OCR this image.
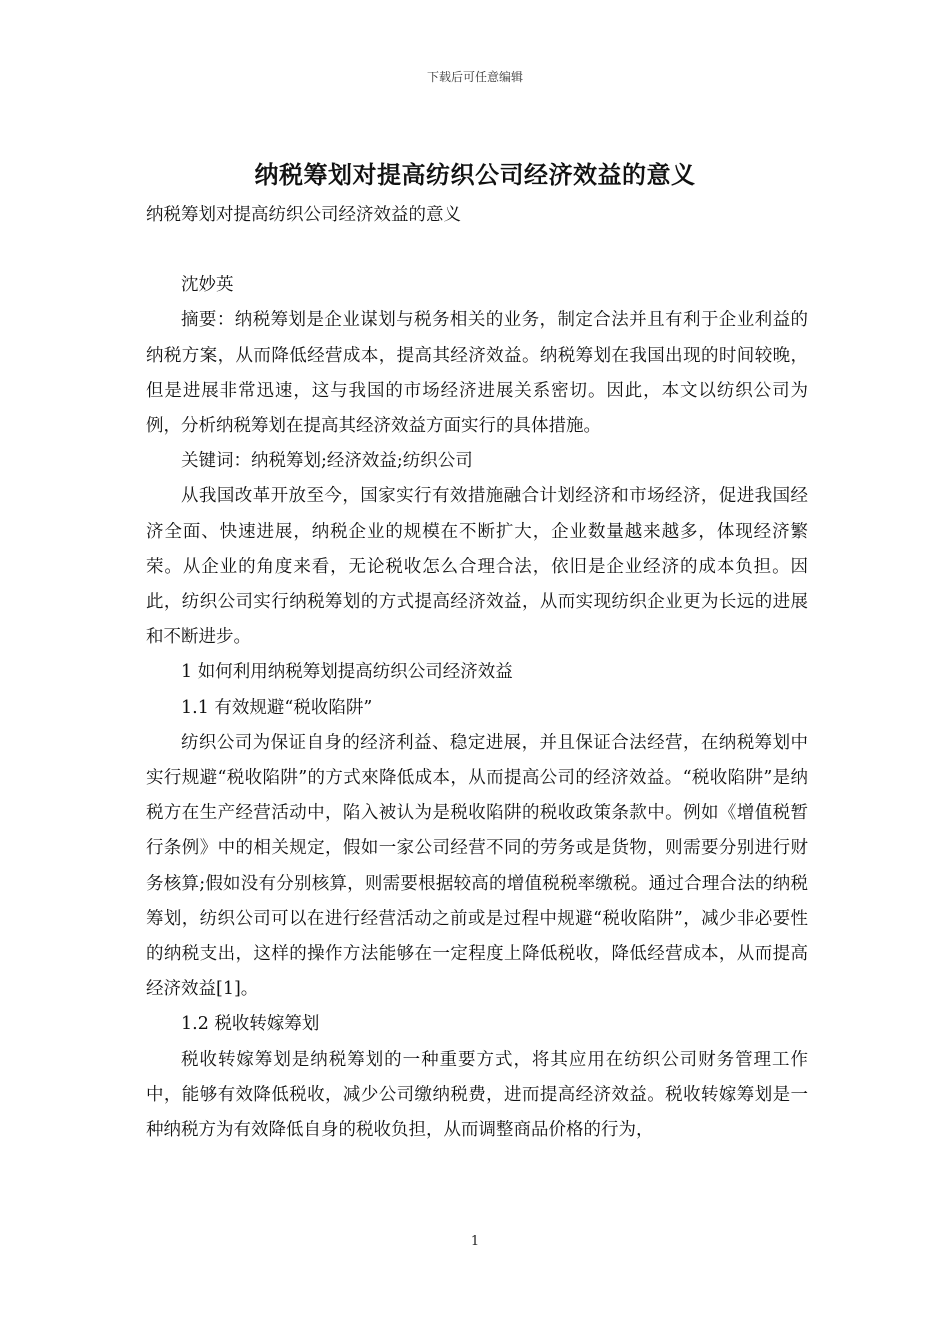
下载后可任意编辑
纳税筹划对提高纺织公司经济效益的意义

纳税筹划对提高纺织公司经济效益的意义

沈妙英

摘要：纳税筹划是企业谋划与税务相关的业务，制定合法并且有利于企业利益的纳税方案，从而降低经营成本，提高其经济效益。纳税筹划在我国出现的时间较晚，但是进展非常迅速，这与我国的市场经济进展关系密切。因此，本文以纺织公司为例，分析纳税筹划在提高其经济效益方面实行的具体措施。

关键词：纳税筹划;经济效益;纺织公司

从我国改革开放至今，国家实行有效措施融合计划经济和市场经济，促进我国经济全面、快速进展，纳税企业的规模在不断扩大，企业数量越来越多，体现经济繁荣。从企业的角度来看，无论税收怎么合理合法，依旧是企业经济的成本负担。因此，纺织公司实行纳税筹划的方式提高经济效益，从而实现纺织企业更为长远的进展和不断进步。

1 如何利用纳税筹划提高纺织公司经济效益

1.1 有效规避“税收陷阱”

纺织公司为保证自身的经济利益、稳定进展，并且保证合法经营，在纳税筹划中实行规避“税收陷阱”的方式來降低成本，从而提高公司的经济效益。“税收陷阱”是纳税方在生产经营活动中，陷入被认为是税收陷阱的税收政策条款中。例如《增值税暂行条例》中的相关规定，假如一家公司经营不同的劳务或是货物，则需要分别进行财务核算;假如没有分别核算，则需要根据较高的增值税税率缴税。通过合理合法的纳税筹划，纺织公司可以在进行经营活动之前或是过程中规避“税收陷阱”，减少非必要性的纳税支出，这样的操作方法能够在一定程度上降低税收，降低经营成本，从而提高经济效益[1]。

1.2 税收转嫁筹划

税收转嫁筹划是纳税筹划的一种重要方式，将其应用在纺织公司财务管理工作中，能够有效降低税收，减少公司缴纳税费，进而提高经济效益。税收转嫁筹划是一种纳税方为有效降低自身的税收负担，从而调整商品价格的行为，

1
